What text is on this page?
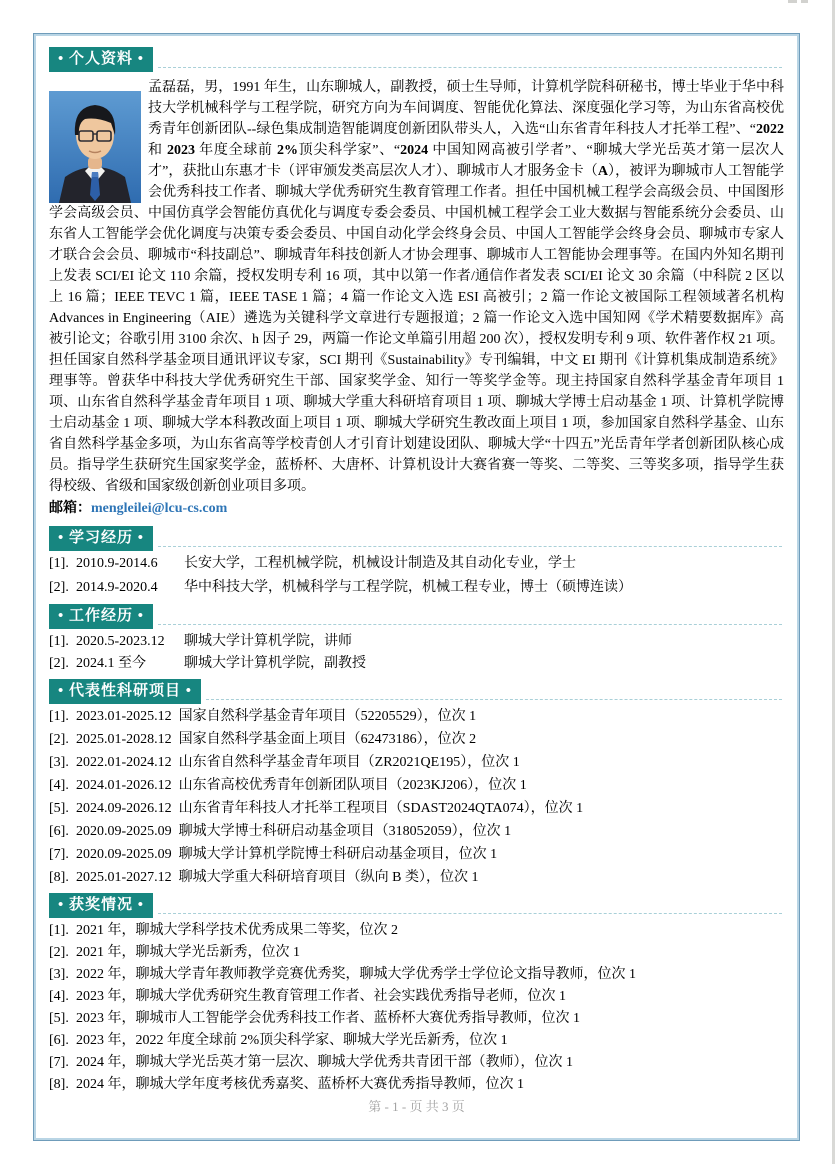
• 个人资料 •
孟磊磊，男，1991 年生，山东聊城人，副教授，硕士生导师，计算机学院科研秘书，博士毕业于华中科技大学机械科学与工程学院，研究方向为车间调度、智能优化算法、深度强化学习等，为山东省高校优秀青年创新团队--绿色集成制造智能调度创新团队带头人，入选“山东省青年科技人才托举工程”、“2022 和 2023 年度全球前 2%顶尖科学家”、“2024 中国知网高被引学者”、“聊城大学光岳英才第一层次人才”，获批山东惠才卡（评审颁发类高层次人才）、聊城市人才服务金卡（A），被评为聊城市人工智能学会优秀科技工作者、聊城大学优秀研究生教育管理工作者。担任中国机械工程学会高级会员、中国图形学会高级会员、中国仿真学会智能仿真优化与调度专委会委员、中国机械工程学会工业大数据与智能系统分会委员、山东省人工智能学会优化调度与决策专委会委员、中国自动化学会终身会员、中国人工智能学会终身会员、聊城市专家人才联合会会员、聊城市“科技副总”、聊城青年科技创新人才协会理事、聊城市人工智能协会理事等。在国内外知名期刊上发表 SCI/EI 论文 110 余篇，授权发明专利 16 项，其中以第一作者/通信作者发表 SCI/EI 论文 30 余篇（中科院 2 区以上 16 篇；IEEE TEVC 1 篇，IEEE TASE 1 篇；4 篇一作论文入选 ESI 高被引；2 篇一作论文被国际工程领域著名机构 Advances in Engineering（AIE）遴选为关键科学文章进行专题报道；2 篇一作论文入选中国知网《学术精要数据库》高被引论文；谷歌引用 3100 余次、h 因子 29，两篇一作论文单篇引用超 200 次），授权发明专利 9 项、软件著作权 21 项。担任国家自然科学基金项目通讯评议专家，SCI 期刊《Sustainability》专刊编辑，中文 EI 期刊《计算机集成制造系统》理事等。曾获华中科技大学优秀研究生干部、国家奖学金、知行一等奖学金等。现主持国家自然科学基金青年项目 1 项、山东省自然科学基金青年项目 1 项、聊城大学重大科研培育项目 1 项、聊城大学博士启动基金 1 项、计算机学院博士启动基金 1 项、聊城大学本科教改面上项目 1 项、聊城大学研究生教改面上项目 1 项，参加国家自然科学基金、山东省自然科学基金多项，为山东省高等学校青创人才引育计划建设团队、聊城大学“十四五”光岳青年学者创新团队核心成员。指导学生获研究生国家奖学金，蓝桥杯、大唐杯、计算机设计大赛省赛一等奖、二等奖、三等奖多项，指导学生获得校级、省级和国家级创新创业项目多项。
邮箱：mengleilei@lcu-cs.com
• 学习经历 •
[1]. 2010.9-2014.6	长安大学，工程机械学院，机械设计制造及其自动化专业，学士
[2]. 2014.9-2020.4	华中科技大学，机械科学与工程学院，机械工程专业，博士（硕博连读）
• 工作经历 •
[1]. 2020.5-2023.12	聊城大学计算机学院，讲师
[2]. 2024.1 至今	聊城大学计算机学院，副教授
• 代表性科研项目 •
[1]. 2023.01-2025.12 国家自然科学基金青年项目（52205529），位次 1
[2]. 2025.01-2028.12 国家自然科学基金面上项目（62473186），位次 2
[3]. 2022.01-2024.12 山东省自然科学基金青年项目（ZR2021QE195），位次 1
[4]. 2024.01-2026.12 山东省高校优秀青年创新团队项目（2023KJ206），位次 1
[5]. 2024.09-2026.12 山东省青年科技人才托举工程项目（SDAST2024QTA074），位次 1
[6]. 2020.09-2025.09 聊城大学博士科研启动基金项目（318052059），位次 1
[7]. 2020.09-2025.09 聊城大学计算机学院博士科研启动基金项目，位次 1
[8]. 2025.01-2027.12 聊城大学重大科研培育项目（纵向 B 类），位次 1
• 获奖情况 •
[1]. 2021 年，聊城大学科学技术优秀成果二等奖，位次 2
[2]. 2021 年，聊城大学光岳新秀，位次 1
[3]. 2022 年，聊城大学青年教师教学竞赛优秀奖，聊城大学优秀学士学位论文指导教师，位次 1
[4]. 2023 年，聊城大学优秀研究生教育管理工作者、社会实践优秀指导老师，位次 1
[5]. 2023 年，聊城市人工智能学会优秀科技工作者、蓝桥杯大赛优秀指导教师，位次 1
[6]. 2023 年，2022 年度全球前 2%顶尖科学家、聊城大学光岳新秀，位次 1
[7]. 2024 年，聊城大学光岳英才第一层次、聊城大学优秀共青团干部（教师），位次 1
[8]. 2024 年，聊城大学年度考核优秀嘉奖、蓝桥杯大赛优秀指导教师，位次 1
第 - 1 - 页 共 3 页
